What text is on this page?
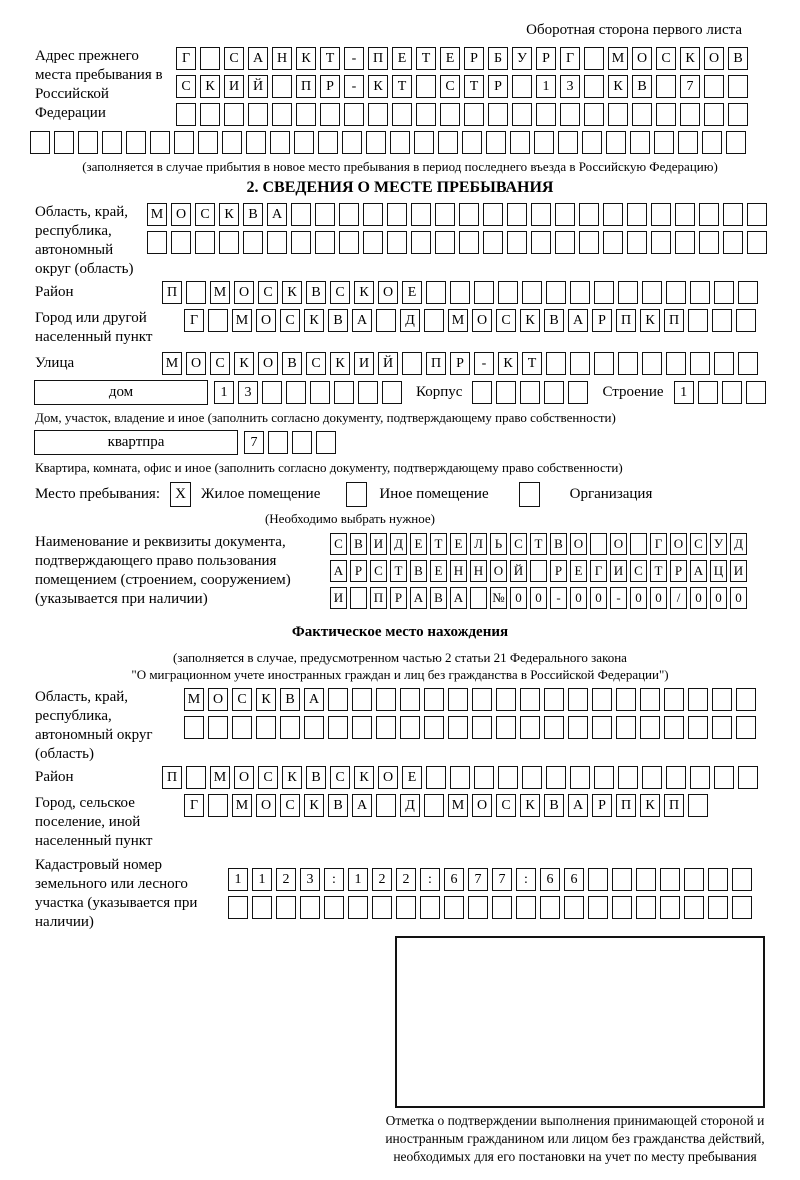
Оборотная сторона первого листа
Адрес прежнего места пребывания в Российской Федерации
Г	С	А Н	К	Т	-	П	Е	Т	Е	Р	Б	У	Р	Г	М О	С	К	О	В
С	К	И Й	П	Р	-	К	Т	С	Т	Р	1	3	К	В	7
(заполняется в случае прибытия в новое место пребывания в период последнего въезда в Российскую Федерацию)
2. СВЕДЕНИЯ О МЕСТЕ ПРЕБЫВАНИЯ
Область, край, республика, автономный округ (область)
М О	С	К	В	А
Район	П	М О	С	К	В	С	К	О	Е
Город или другой населенный пункт
Г	М О	С	К	В	А	Д	М О	С	К	В	А	Р	П	К	П
Улица	М О	С	К	О	В	С	К	И Й	П	Р	-	К	Т
дом	1	3	Корпус	Строение	1
Дом, участок, владение и иное (заполнить согласно документу, подтверждающему право собственности)
квартпра	7
Квартира, комната, офис и иное (заполнить согласно документу, подтверждающему право собственности)
Место пребывания:	X	Жилое помещение	Иное помещение	Организация
(Необходимо выбрать нужное)
Наименование и реквизиты документа, подтверждающего право пользования помещением (строением, сооружением) (указывается при наличии)
С В И Д Е Т Е Л Ь С Т В О О	Г О С У Д
А Р С Т В Е Н Н О Й	Р Е Г И С Т Р А Ц И
И П Р А В А № 0	0	-	0	0	-	0	0	/	0	0	0
Фактическое место нахождения
(заполняется в случае, предусмотренном частью 2 статьи 21 Федерального закона
"О миграционном учете иностранных граждан и лиц без гражданства в Российской Федерации")
Область, край, республика, автономный округ (область)
М О	С	К	В	А
Район	П	М О	С	К	В	С	К	О	Е
Город, сельское поселение, иной населенный пункт
Г	М О	С	К	В	А	Д	М О	С	К	В	А	Р	П	К	П
Кадастровый номер земельного или лесного участка (указывается при наличии)
1	1	2	3	:	1	2	2	:	6	7	7	:	6	6
Отметка о подтверждении выполнения принимающей стороной и иностранным гражданином или лицом без гражданства действий, необходимых для его постановки на учет по месту пребывания
